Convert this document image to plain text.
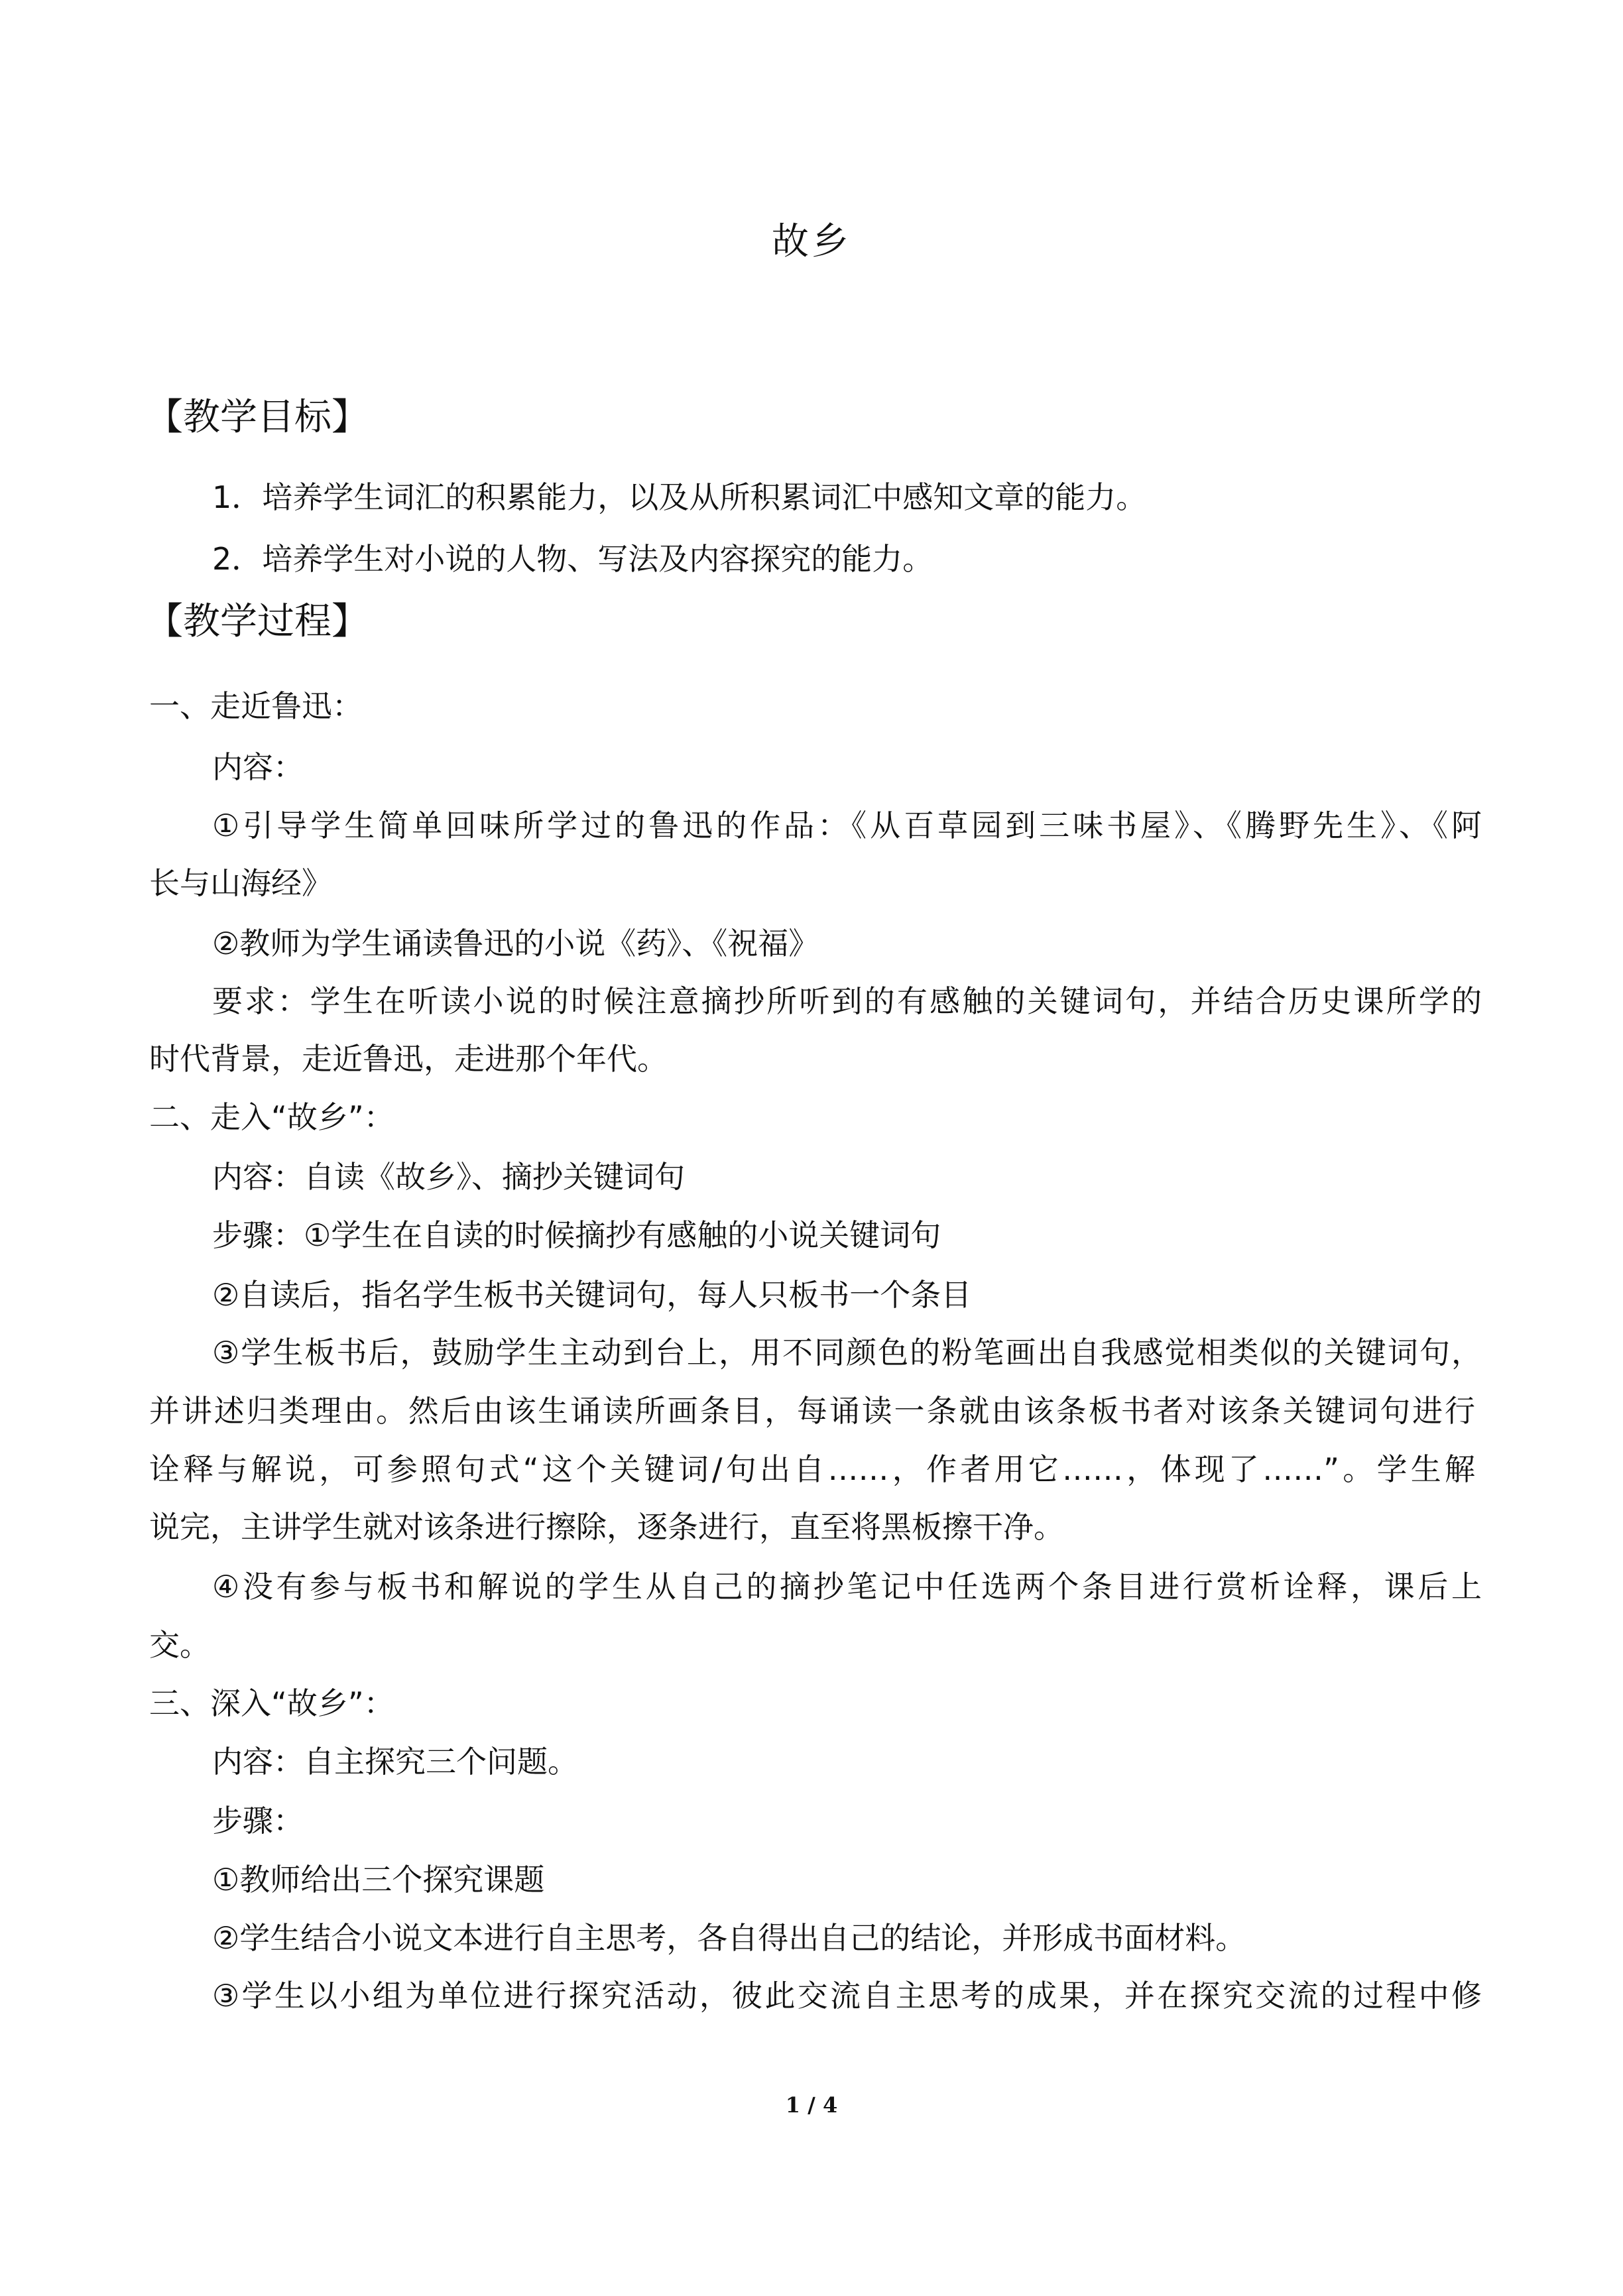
故乡
【教学目标】
1．培养学生词汇的积累能力，以及从所积累词汇中感知文章的能力。
2．培养学生对小说的人物、写法及内容探究的能力。
【教学过程】
一、走近鲁迅：
内容：
①引导学生简单回味所学过的鲁迅的作品：《从百草园到三味书屋》、《腾野先生》、《阿
长与山海经》
②教师为学生诵读鲁迅的小说《药》、《祝福》
要求：学生在听读小说的时候注意摘抄所听到的有感触的关键词句，并结合历史课所学的
时代背景，走近鲁迅，走进那个年代。
二、走入“故乡”：
内容：自读《故乡》、摘抄关键词句
步骤：①学生在自读的时候摘抄有感触的小说关键词句
②自读后，指名学生板书关键词句，每人只板书一个条目
③学生板书后，鼓励学生主动到台上，用不同颜色的粉笔画出自我感觉相类似的关键词句，
并讲述归类理由。然后由该生诵读所画条目，每诵读一条就由该条板书者对该条关键词句进行
诠释与解说，可参照句式“这个关键词/句出自……，作者用它……，体现了……”。学生解
说完，主讲学生就对该条进行擦除，逐条进行，直至将黑板擦干净。
④没有参与板书和解说的学生从自己的摘抄笔记中任选两个条目进行赏析诠释，课后上
交。
三、深入“故乡”：
内容：自主探究三个问题。
步骤：
①教师给出三个探究课题
②学生结合小说文本进行自主思考，各自得出自己的结论，并形成书面材料。
③学生以小组为单位进行探究活动，彼此交流自主思考的成果，并在探究交流的过程中修
1 / 4
